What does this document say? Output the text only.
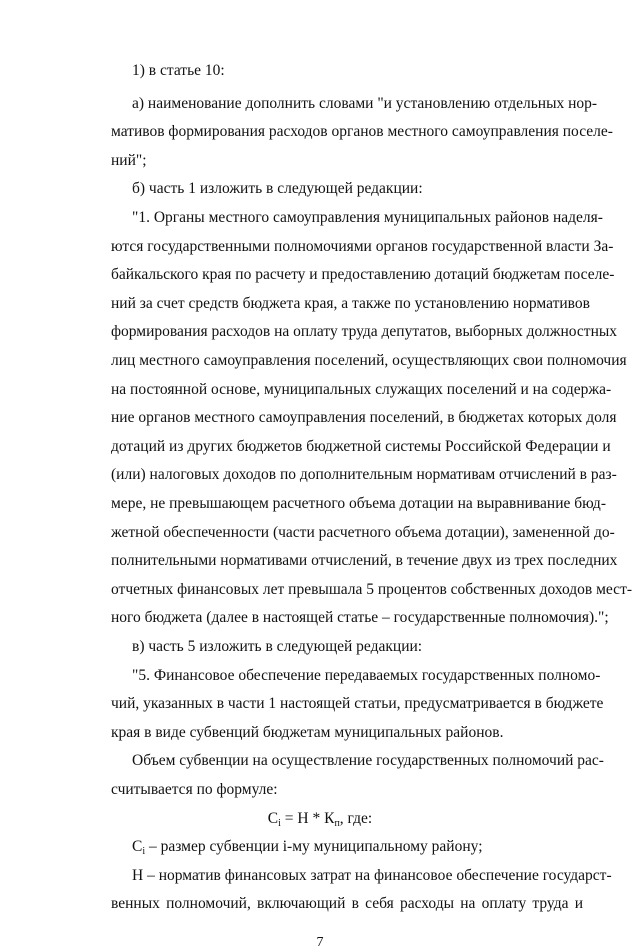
1) в статье 10:
а) наименование дополнить словами "и установлению отдельных нор-
мативов формирования расходов органов местного самоуправления поселе-
ний";
б) часть 1 изложить в следующей редакции:
"1. Органы местного самоуправления муниципальных районов наделя-
ются государственными полномочиями органов государственной власти За-
байкальского края по расчету и предоставлению дотаций бюджетам поселе-
ний за счет средств бюджета края, а также по установлению нормативов
формирования расходов на оплату труда депутатов, выборных должностных
лиц местного самоуправления поселений, осуществляющих свои полномочия
на постоянной основе, муниципальных служащих поселений и на содержа-
ние органов местного самоуправления поселений, в бюджетах которых доля
дотаций из других бюджетов бюджетной системы Российской Федерации и
(или) налоговых доходов по дополнительным нормативам отчислений в раз-
мере, не превышающем расчетного объема дотации на выравнивание бюд-
жетной обеспеченности (части расчетного объема дотации), замененной до-
полнительными нормативами отчислений, в течение двух из трех последних
отчетных финансовых лет превышала 5 процентов собственных доходов мест-
ного бюджета (далее в настоящей статье – государственные полномочия).";
в) часть 5 изложить в следующей редакции:
"5. Финансовое обеспечение передаваемых государственных полномо-
чий, указанных в части 1 настоящей статьи, предусматривается в бюджете
края в виде субвенций бюджетам муниципальных районов.
Объем субвенции на осуществление государственных полномочий рас-
считывается по формуле:
7
$С_i = Н * К_п$, где:
$С_i$ – размер субвенции i-му муниципальному району;
Н – норматив финансовых затрат на финансовое обеспечение государст-
венных полномочий, включающий в себя расходы на оплату труда и
